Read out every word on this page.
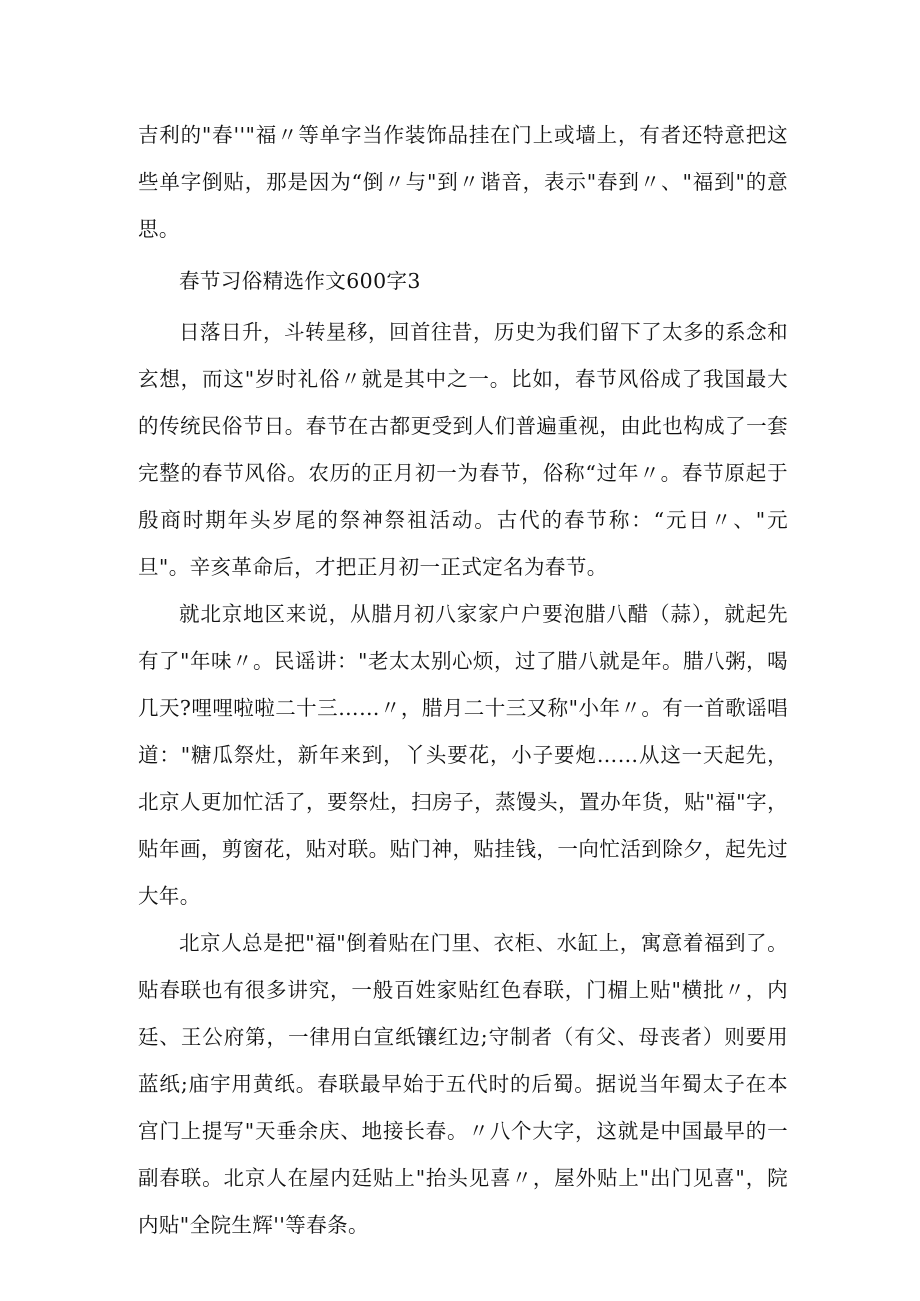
吉利的"春''"福〃等单字当作装饰品挂在门上或墙上，有者还特意把这些单字倒贴，那是因为“倒〃与"到〃谐音，表示"春到〃、"福到"的意思。

春节习俗精选作文600字3

日落日升，斗转星移，回首往昔，历史为我们留下了太多的系念和玄想，而这"岁时礼俗〃就是其中之一。比如，春节风俗成了我国最大的传统民俗节日。春节在古都更受到人们普遍重视，由此也构成了一套完整的春节风俗。农历的正月初一为春节，俗称“过年〃。春节原起于殷商时期年头岁尾的祭神祭祖活动。古代的春节称：“元日〃、"元旦"。辛亥革命后，才把正月初一正式定名为春节。

就北京地区来说，从腊月初八家家户户要泡腊八醋（蒜），就起先有了"年味〃。民谣讲："老太太别心烦，过了腊八就是年。腊八粥，喝几天?哩哩啦啦二十三……〃，腊月二十三又称"小年〃。有一首歌谣唱道："糖瓜祭灶，新年来到，丫头要花，小子要炮……从这一天起先，北京人更加忙活了，要祭灶，扫房子，蒸馒头，置办年货，贴"福"字，贴年画，剪窗花，贴对联。贴门神，贴挂钱，一向忙活到除夕，起先过大年。

北京人总是把"福"倒着贴在门里、衣柜、水缸上，寓意着福到了。贴春联也有很多讲究，一般百姓家贴红色春联，门楣上贴"横批〃，内廷、王公府第，一律用白宣纸镶红边;守制者（有父、母丧者）则要用蓝纸;庙宇用黄纸。春联最早始于五代时的后蜀。据说当年蜀太子在本宫门上提写"天垂余庆、地接长春。〃八个大字，这就是中国最早的一副春联。北京人在屋内廷贴上"抬头见喜〃，屋外贴上"出门见喜"，院内贴"全院生辉''等春条。
